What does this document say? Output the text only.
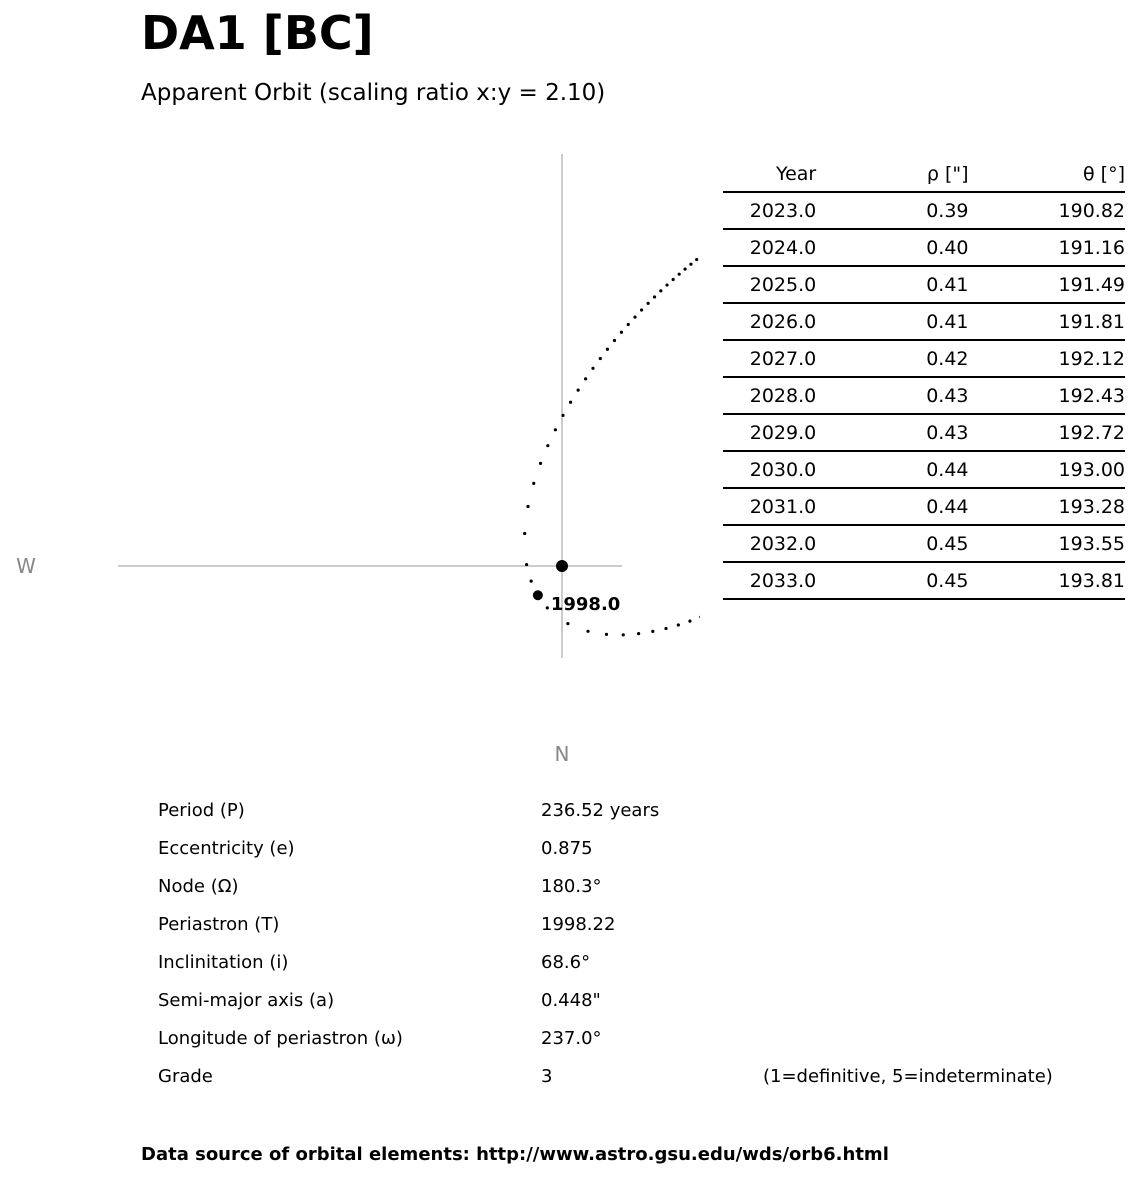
DA1 [BC]
Apparent Orbit (scaling ratio x:y = 2.10)
W
N
1998.0
Year	ρ ["]	θ [°]
2023.0	0.39	190.82
2024.0	0.40	191.16
2025.0	0.41	191.49
2026.0	0.41	191.81
2027.0	0.42	192.12
2028.0	0.43	192.43
2029.0	0.43	192.72
2030.0	0.44	193.00
2031.0	0.44	193.28
2032.0	0.45	193.55
2033.0	0.45	193.81
Period (P)	236.52 years
Eccentricity (e)	0.875
Node (Ω)	180.3°
Periastron (T)	1998.22
Inclinitation (i)	68.6°
Semi-major axis (a)	0.448"
Longitude of periastron (ω)	237.0°
Grade	3	(1=definitive, 5=indeterminate)
Data source of orbital elements: http://www.astro.gsu.edu/wds/orb6.html
